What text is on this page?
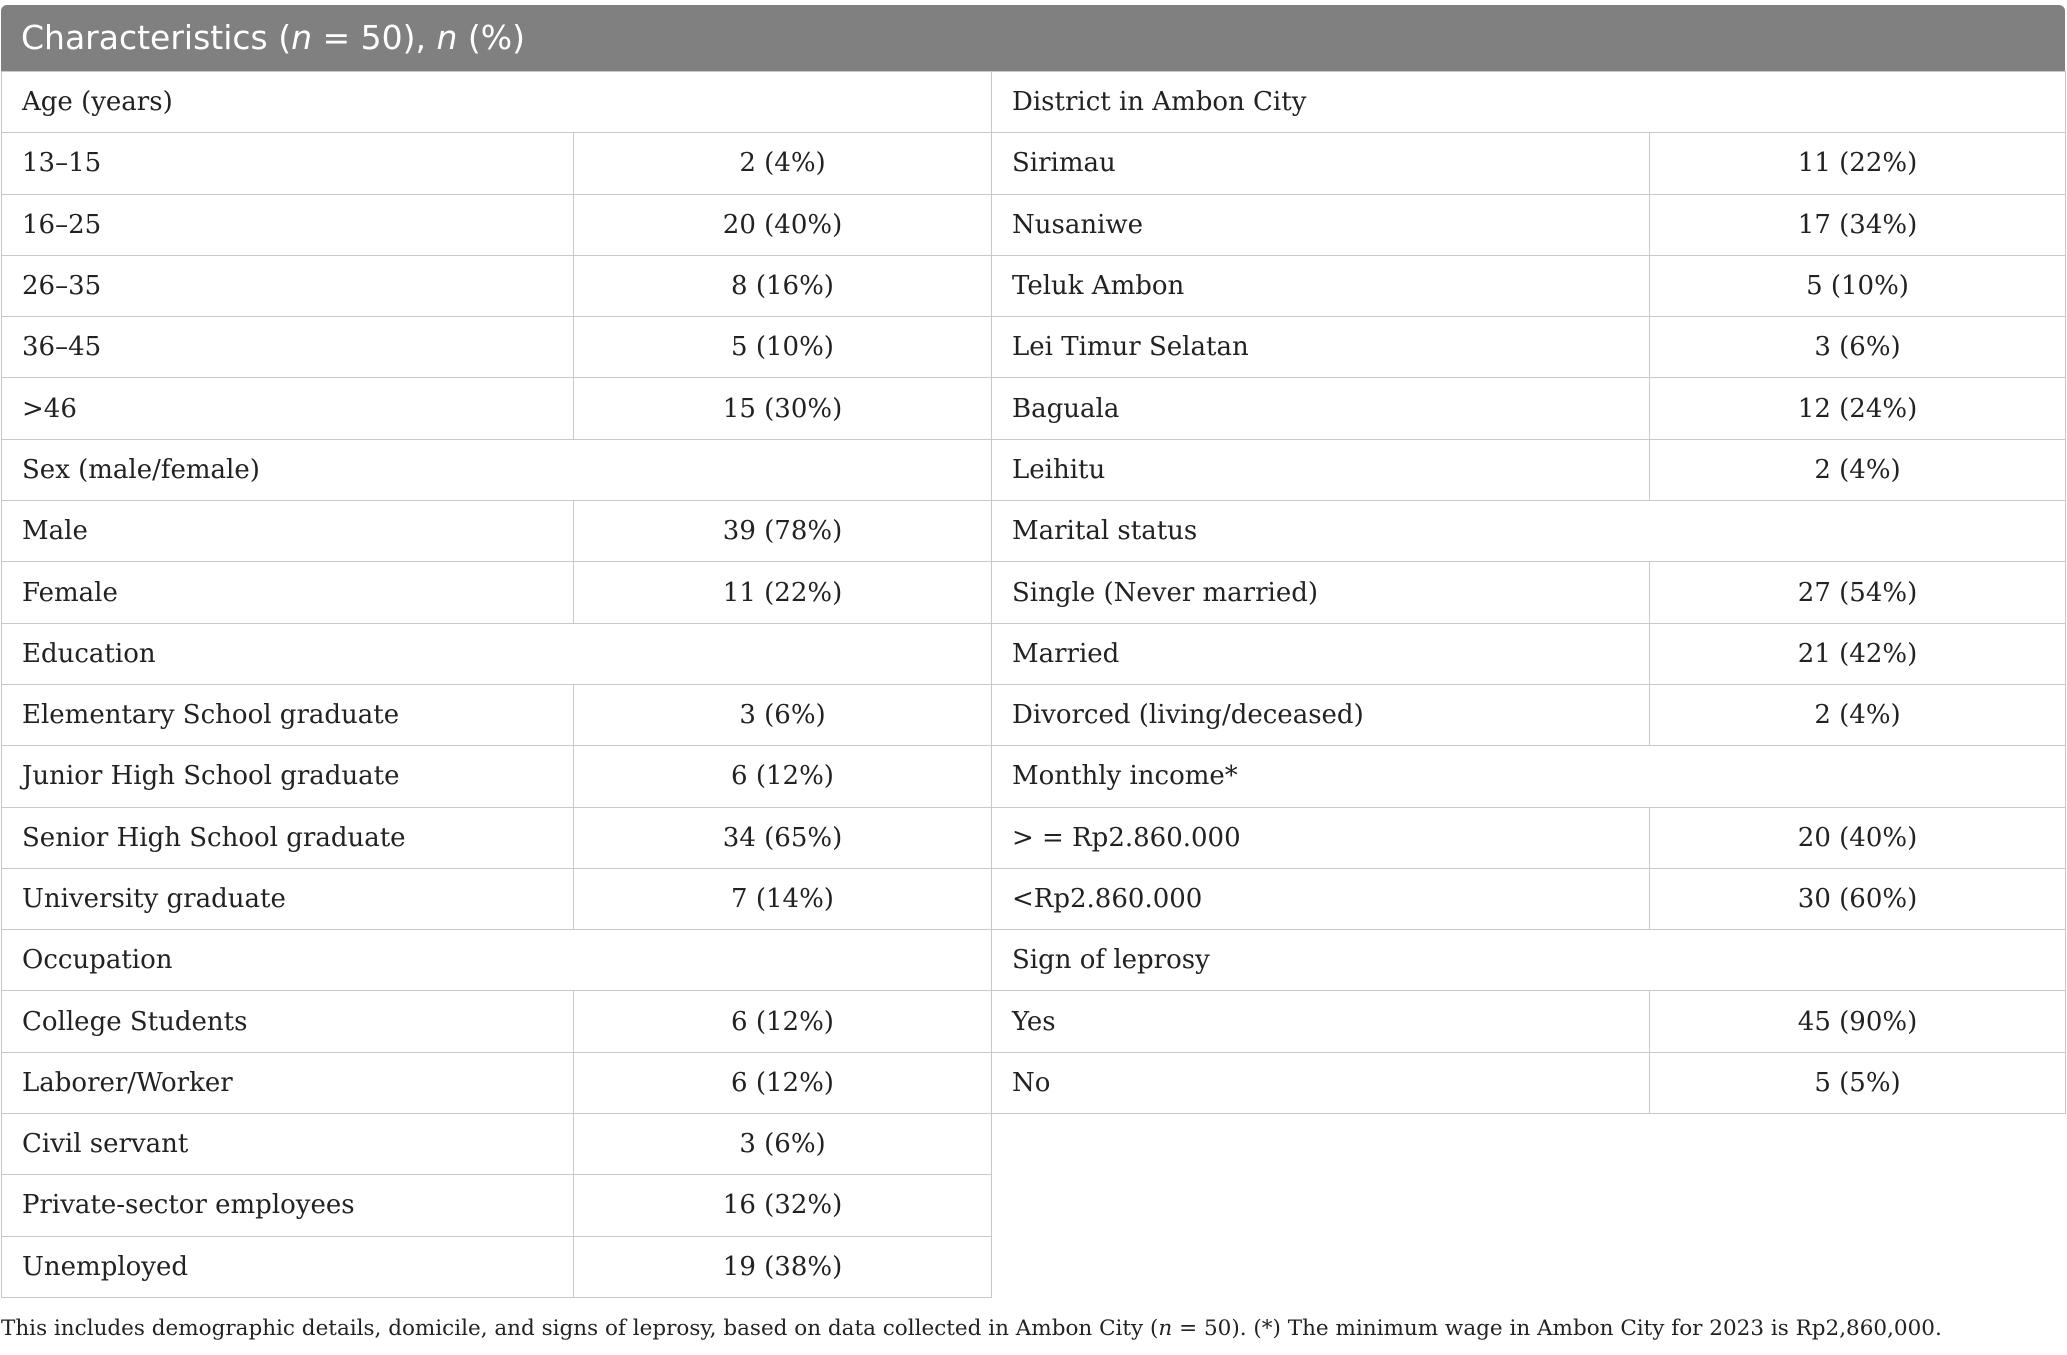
Characteristics (n = 50), n (%)
Age (years)		District in Ambon City	
13–15	2 (4%)	Sirimau	11 (22%)
16–25	20 (40%)	Nusaniwe	17 (34%)
26–35	8 (16%)	Teluk Ambon	5 (10%)
36–45	5 (10%)	Lei Timur Selatan	3 (6%)
>46	15 (30%)	Baguala	12 (24%)
Sex (male/female)		Leihitu	2 (4%)
Male	39 (78%)	Marital status	
Female	11 (22%)	Single (Never married)	27 (54%)
Education		Married	21 (42%)
Elementary School graduate	3 (6%)	Divorced (living/deceased)	2 (4%)
Junior High School graduate	6 (12%)	Monthly income*	
Senior High School graduate	34 (65%)	> = Rp2.860.000	20 (40%)
University graduate	7 (14%)	<Rp2.860.000	30 (60%)
Occupation		Sign of leprosy	
College Students	6 (12%)	Yes	45 (90%)
Laborer/Worker	6 (12%)	No	5 (5%)
Civil servant	3 (6%)		
Private-sector employees	16 (32%)		
Unemployed	19 (38%)		
This includes demographic details, domicile, and signs of leprosy, based on data collected in Ambon City (n = 50). (*) The minimum wage in Ambon City for 2023 is Rp2,860,000.
